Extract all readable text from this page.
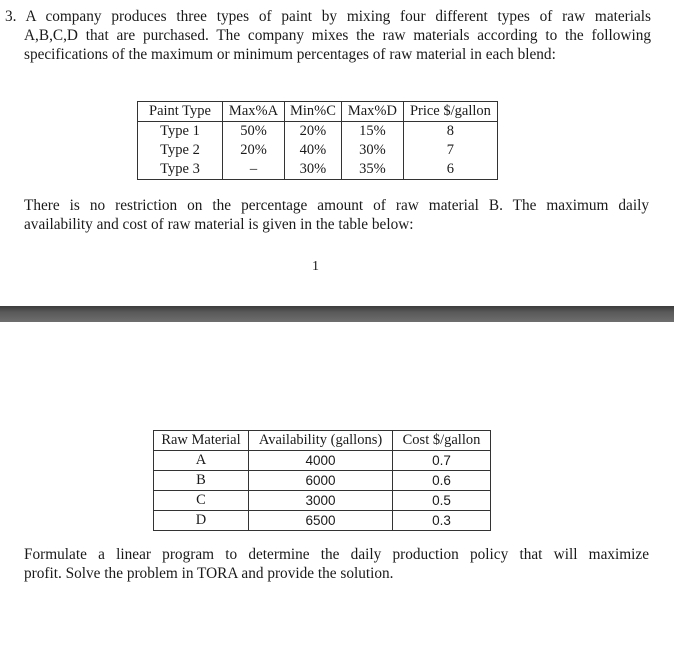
3. A company produces three types of paint by mixing four different types of raw materials
A,B,C,D that are purchased. The company mixes the raw materials according to the following
specifications of the maximum or minimum percentages of raw material in each blend:
Paint Type	Max%A	Min%C	Max%D	Price $/gallon
Type 1	50%	20%	15%	8
Type 2	20%	40%	30%	7
Type 3	–	30%	35%	6
There is no restriction on the percentage amount of raw material B. The maximum daily
availability and cost of raw material is given in the table below:
1
Raw Material	Availability (gallons)	Cost $/gallon
A	4000	0.7
B	6000	0.6
C	3000	0.5
D	6500	0.3
Formulate a linear program to determine the daily production policy that will maximize
profit. Solve the problem in TORA and provide the solution.
